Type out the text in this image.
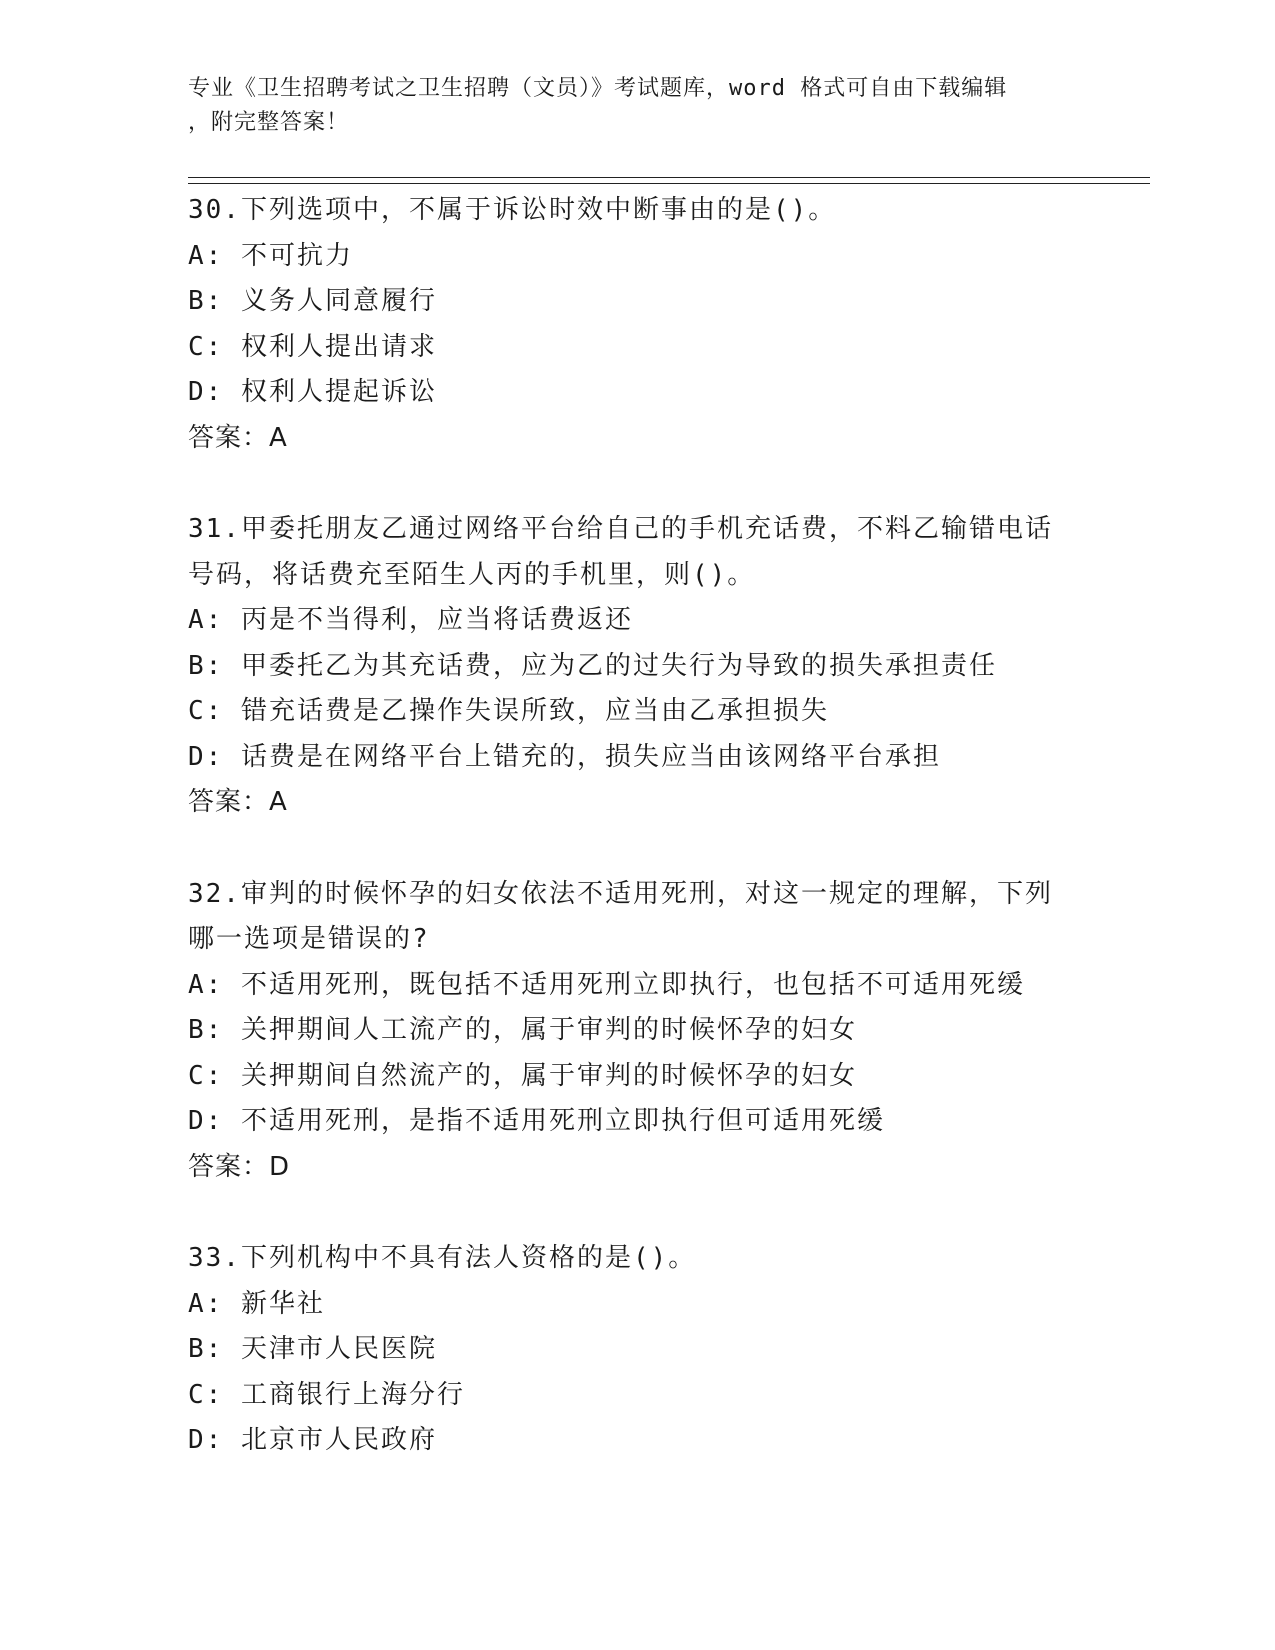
专业《卫生招聘考试之卫生招聘（文员）》考试题库，word 格式可自由下载编辑
，附完整答案！
30.下列选项中，不属于诉讼时效中断事由的是()。
A: 不可抗力
B: 义务人同意履行
C: 权利人提出请求
D: 权利人提起诉讼
答案：A
31.甲委托朋友乙通过网络平台给自己的手机充话费，不料乙输错电话
号码，将话费充至陌生人丙的手机里，则()。
A: 丙是不当得利，应当将话费返还
B: 甲委托乙为其充话费，应为乙的过失行为导致的损失承担责任
C: 错充话费是乙操作失误所致，应当由乙承担损失
D: 话费是在网络平台上错充的，损失应当由该网络平台承担
答案：A
32.审判的时候怀孕的妇女依法不适用死刑，对这一规定的理解，下列
哪一选项是错误的?
A: 不适用死刑，既包括不适用死刑立即执行，也包括不可适用死缓
B: 关押期间人工流产的，属于审判的时候怀孕的妇女
C: 关押期间自然流产的，属于审判的时候怀孕的妇女
D: 不适用死刑，是指不适用死刑立即执行但可适用死缓
答案：D
33.下列机构中不具有法人资格的是()。
A: 新华社
B: 天津市人民医院
C: 工商银行上海分行
D: 北京市人民政府
